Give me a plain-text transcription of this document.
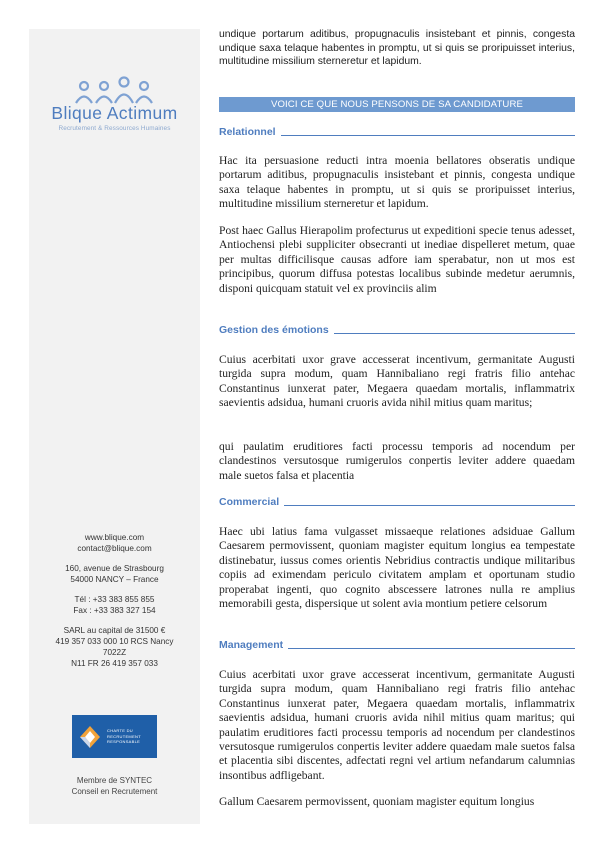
Blique Actimum
Recrutement & Ressources Humaines
www.blique.com
contact@blique.com
160, avenue de Strasbourg
54000 NANCY – France
Tél : +33 383 855 855
Fax : +33 383 327 154
SARL au capital de 31500 €
419 357 033 000 10 RCS Nancy
7022Z
N11 FR 26 419 357 033
CHARTE DU
RECRUTEMENT
RESPONSABLE
Membre de SYNTEC
Conseil en Recrutement

undique portarum aditibus, propugnaculis insistebant et pinnis, congesta undique saxa telaque habentes in promptu, ut si quis se proripuisset interius, multitudine missilium sterneretur et lapidum.

VOICI CE QUE NOUS PENSONS DE SA CANDIDATURE
Relationnel

Hac ita persuasione reducti intra moenia bellatores obseratis undique portarum aditibus, propugnaculis insistebant et pinnis, congesta undique saxa telaque habentes in promptu, ut si quis se proripuisset interius, multitudine missilium sterneretur et lapidum.

Post haec Gallus Hierapolim profecturus ut expeditioni specie tenus adesset, Antiochensi plebi suppliciter obsecranti ut inediae dispelleret metum, quae per multas difficilisque causas adfore iam sperabatur, non ut mos est principibus, quorum diffusa potestas localibus subinde medetur aerumnis, disponi quicquam statuit vel ex provinciis alim

Gestion des émotions

Cuius acerbitati uxor grave accesserat incentivum, germanitate Augusti turgida supra modum, quam Hannibaliano regi fratris filio antehac Constantinus iunxerat pater, Megaera quaedam mortalis, inflammatrix saevientis adsidua, humani cruoris avida nihil mitius quam maritus;

qui paulatim eruditiores facti processu temporis ad nocendum per clandestinos versutosque rumigerulos conpertis leviter addere quaedam male suetos falsa et placentia

Commercial

Haec ubi latius fama vulgasset missaeque relationes adsiduae Gallum Caesarem permovissent, quoniam magister equitum longius ea tempestate distinebatur, iussus comes orientis Nebridius contractis undique militaribus copiis ad eximendam periculo civitatem amplam et oportunam studio properabat ingenti, quo cognito abscessere latrones nulla re amplius memorabili gesta, dispersique ut solent avia montium petiere celsorum

Management

Cuius acerbitati uxor grave accesserat incentivum, germanitate Augusti turgida supra modum, quam Hannibaliano regi fratris filio antehac Constantinus iunxerat pater, Megaera quaedam mortalis, inflammatrix saevientis adsidua, humani cruoris avida nihil mitius quam maritus; qui paulatim eruditiores facti processu temporis ad nocendum per clandestinos versutosque rumigerulos conpertis leviter addere quaedam male suetos falsa et placentia sibi discentes, adfectati regni vel artium nefandarum calumnias insontibus adfligebant.

Gallum Caesarem permovissent, quoniam magister equitum longius
